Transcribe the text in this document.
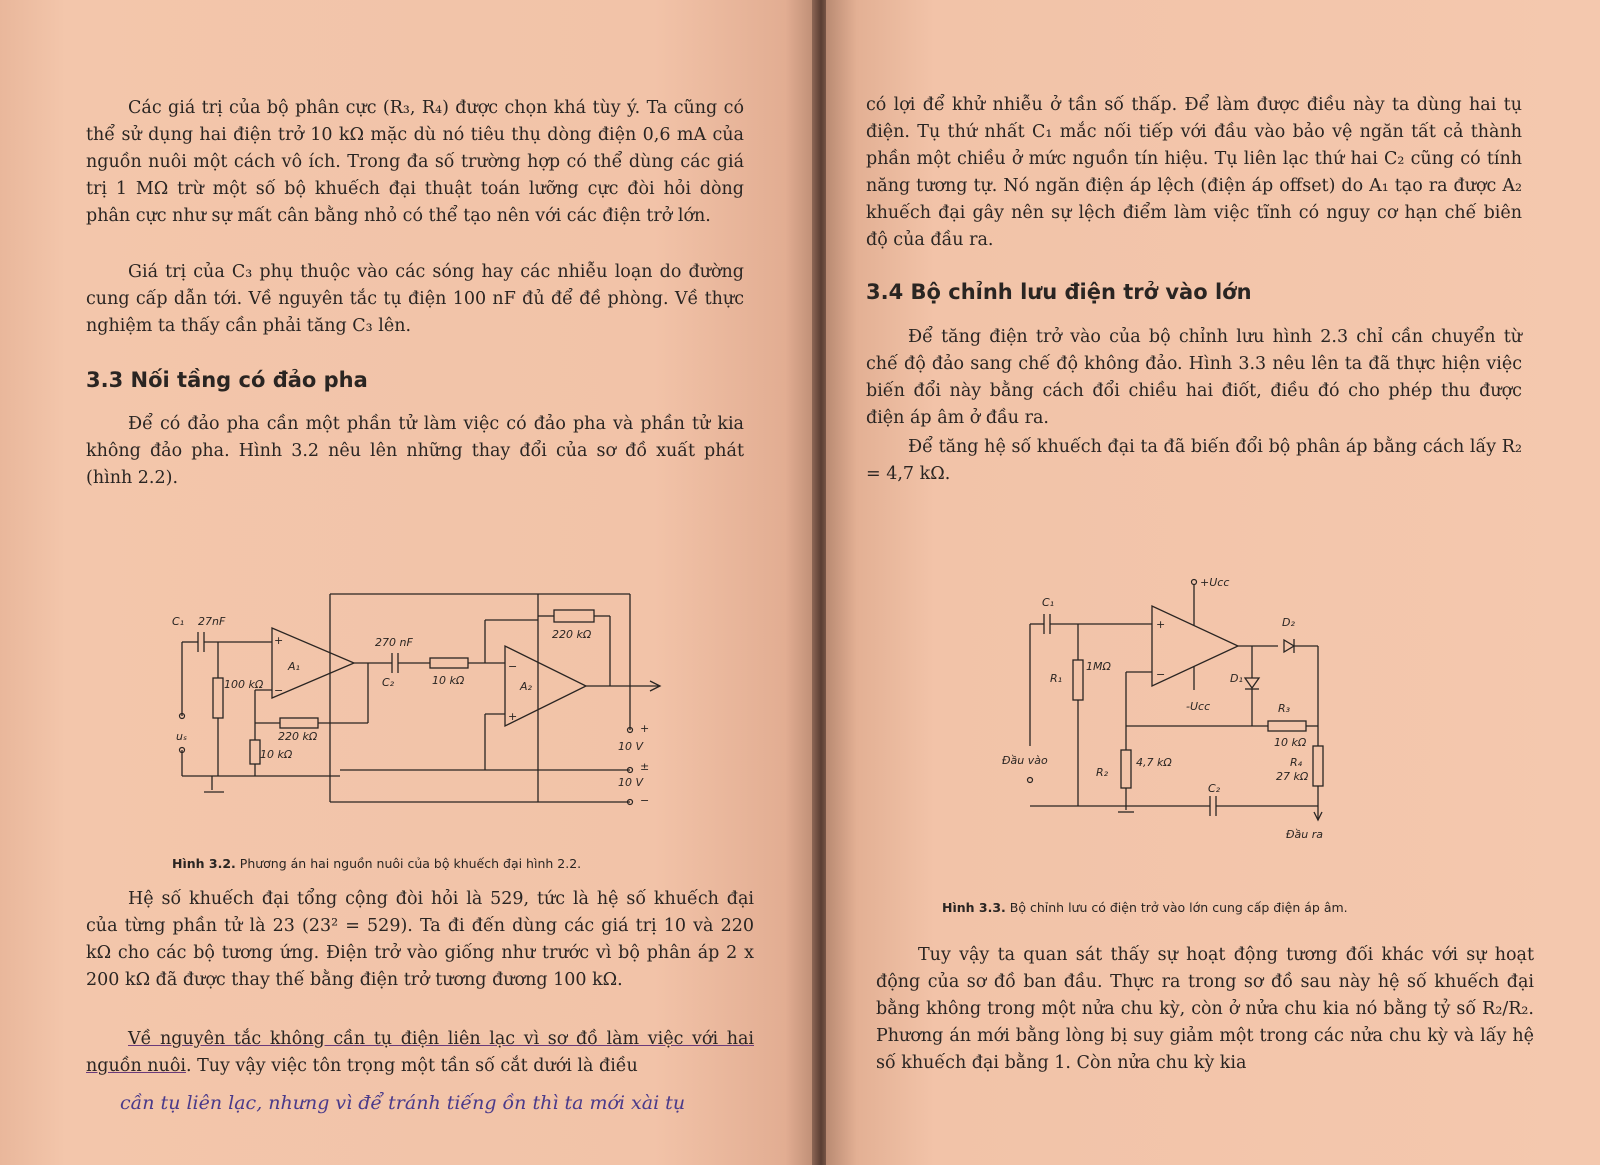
Các giá trị của bộ phân cực (R₃, R₄) được chọn khá tùy ý. Ta cũng có thể sử dụng hai điện trở 10 kΩ mặc dù nó tiêu thụ dòng điện 0,6 mA của nguồn nuôi một cách vô ích. Trong đa số trường hợp có thể dùng các giá trị 1 MΩ trừ một số bộ khuếch đại thuật toán lưỡng cực đòi hỏi dòng phân cực như sự mất cân bằng nhỏ có thể tạo nên với các điện trở lớn.

Giá trị của C₃ phụ thuộc vào các sóng hay các nhiễu loạn do đường cung cấp dẫn tới. Về nguyên tắc tụ điện 100 nF đủ để đề phòng. Về thực nghiệm ta thấy cần phải tăng C₃ lên.

3.3 Nối tầng có đảo pha

Để có đảo pha cần một phần tử làm việc có đảo pha và phần tử kia không đảo pha. Hình 3.2 nêu lên những thay đổi của sơ đồ xuất phát (hình 2.2).

C₁ 27nF
100 kΩ
A₁
+
−
270 nF
C₂	10 kΩ	A₂
−
+
220 kΩ
220 kΩ
10 kΩ
uₛ
+
10 V
±
10 V
−

Hình 3.2. Phương án hai nguồn nuôi của bộ khuếch đại hình 2.2.

Hệ số khuếch đại tổng cộng đòi hỏi là 529, tức là hệ số khuếch đại của từng phần tử là 23 (23² = 529). Ta đi đến dùng các giá trị 10 và 220 kΩ cho các bộ tương ứng. Điện trở vào giống như trước vì bộ phân áp 2 x 200 kΩ đã được thay thế bằng điện trở tương đương 100 kΩ.

Về nguyên tắc không cần tụ điện liên lạc vì sơ đồ làm việc với hai nguồn nuôi. Tuy vậy việc tôn trọng một tần số cắt dưới là điều

cần tụ liên lạc, nhưng vì để tránh tiếng ồn thì ta mới xài tụ

có lợi để khử nhiễu ở tần số thấp. Để làm được điều này ta dùng hai tụ điện. Tụ thứ nhất C₁ mắc nối tiếp với đầu vào bảo vệ ngăn tất cả thành phần một chiều ở mức nguồn tín hiệu. Tụ liên lạc thứ hai C₂ cũng có tính năng tương tự. Nó ngăn điện áp lệch (điện áp offset) do A₁ tạo ra được A₂ khuếch đại gây nên sự lệch điểm làm việc tĩnh có nguy cơ hạn chế biên độ của đầu ra.

3.4 Bộ chỉnh lưu điện trở vào lớn

Để tăng điện trở vào của bộ chỉnh lưu hình 2.3 chỉ cần chuyển từ chế độ đảo sang chế độ không đảo. Hình 3.3 nêu lên ta đã thực hiện việc biến đổi này bằng cách đổi chiều hai điốt, điều đó cho phép thu được điện áp âm ở đầu ra.

Để tăng hệ số khuếch đại ta đã biến đổi bộ phân áp bằng cách lấy R₂ = 4,7 kΩ.

+Uᴄᴄ
-Uᴄᴄ
C₁
R₁
1MΩ
+
−	D₁
D₂
R₃
10 kΩ
R₂
4,7 kΩ
C₂
R₄
27 kΩ
Đầu vào
Đầu ra

Hình 3.3. Bộ chỉnh lưu có điện trở vào lớn cung cấp điện áp âm.

Tuy vậy ta quan sát thấy sự hoạt động tương đối khác với sự hoạt động của sơ đồ ban đầu. Thực ra trong sơ đồ sau này hệ số khuếch đại bằng không trong một nửa chu kỳ, còn ở nửa chu kia nó bằng tỷ số R₂/R₂. Phương án mới bằng lòng bị suy giảm một trong các nửa chu kỳ và lấy hệ số khuếch đại bằng 1. Còn nửa chu kỳ kia
